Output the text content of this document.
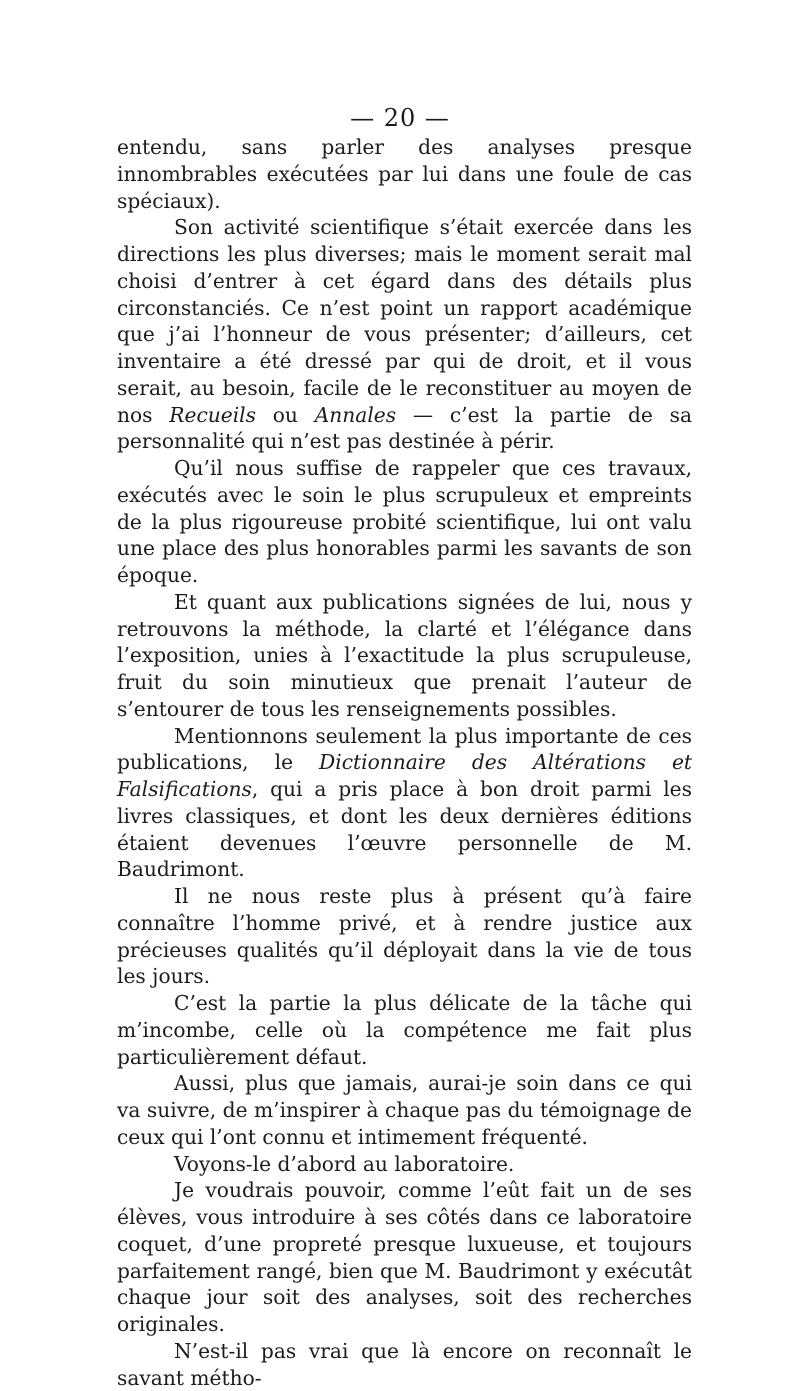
— 20 —

entendu, sans parler des analyses presque innombrables exécutées par lui dans une foule de cas spéciaux).

Son activité scientifique s’était exercée dans les directions les plus diverses; mais le moment serait mal choisi d’entrer à cet égard dans des détails plus circonstanciés. Ce n’est point un rapport académique que j’ai l’honneur de vous présenter; d’ailleurs, cet inventaire a été dressé par qui de droit, et il vous serait, au besoin, facile de le reconstituer au moyen de nos Recueils ou Annales — c’est la partie de sa personnalité qui n’est pas destinée à périr.

Qu’il nous suffise de rappeler que ces travaux, exécutés avec le soin le plus scrupuleux et empreints de la plus rigoureuse probité scientifique, lui ont valu une place des plus honorables parmi les savants de son époque.

Et quant aux publications signées de lui, nous y retrouvons la méthode, la clarté et l’élégance dans l’exposition, unies à l’exactitude la plus scrupuleuse, fruit du soin minutieux que prenait l’auteur de s’entourer de tous les renseignements possibles.

Mentionnons seulement la plus importante de ces publications, le Dictionnaire des Altérations et Falsifications, qui a pris place à bon droit parmi les livres classiques, et dont les deux dernières éditions étaient devenues l’œuvre personnelle de M. Baudrimont.

Il ne nous reste plus à présent qu’à faire connaître l’homme privé, et à rendre justice aux précieuses qualités qu’il déployait dans la vie de tous les jours.

C’est la partie la plus délicate de la tâche qui m’incombe, celle où la compétence me fait plus particulièrement défaut.

Aussi, plus que jamais, aurai-je soin dans ce qui va suivre, de m’inspirer à chaque pas du témoignage de ceux qui l’ont connu et intimement fréquenté.

Voyons-le d’abord au laboratoire.

Je voudrais pouvoir, comme l’eût fait un de ses élèves, vous introduire à ses côtés dans ce laboratoire coquet, d’une propreté presque luxueuse, et toujours parfaitement rangé, bien que M. Baudrimont y exécutât chaque jour soit des analyses, soit des recherches originales.

N’est-il pas vrai que là encore on reconnaît le savant métho-
